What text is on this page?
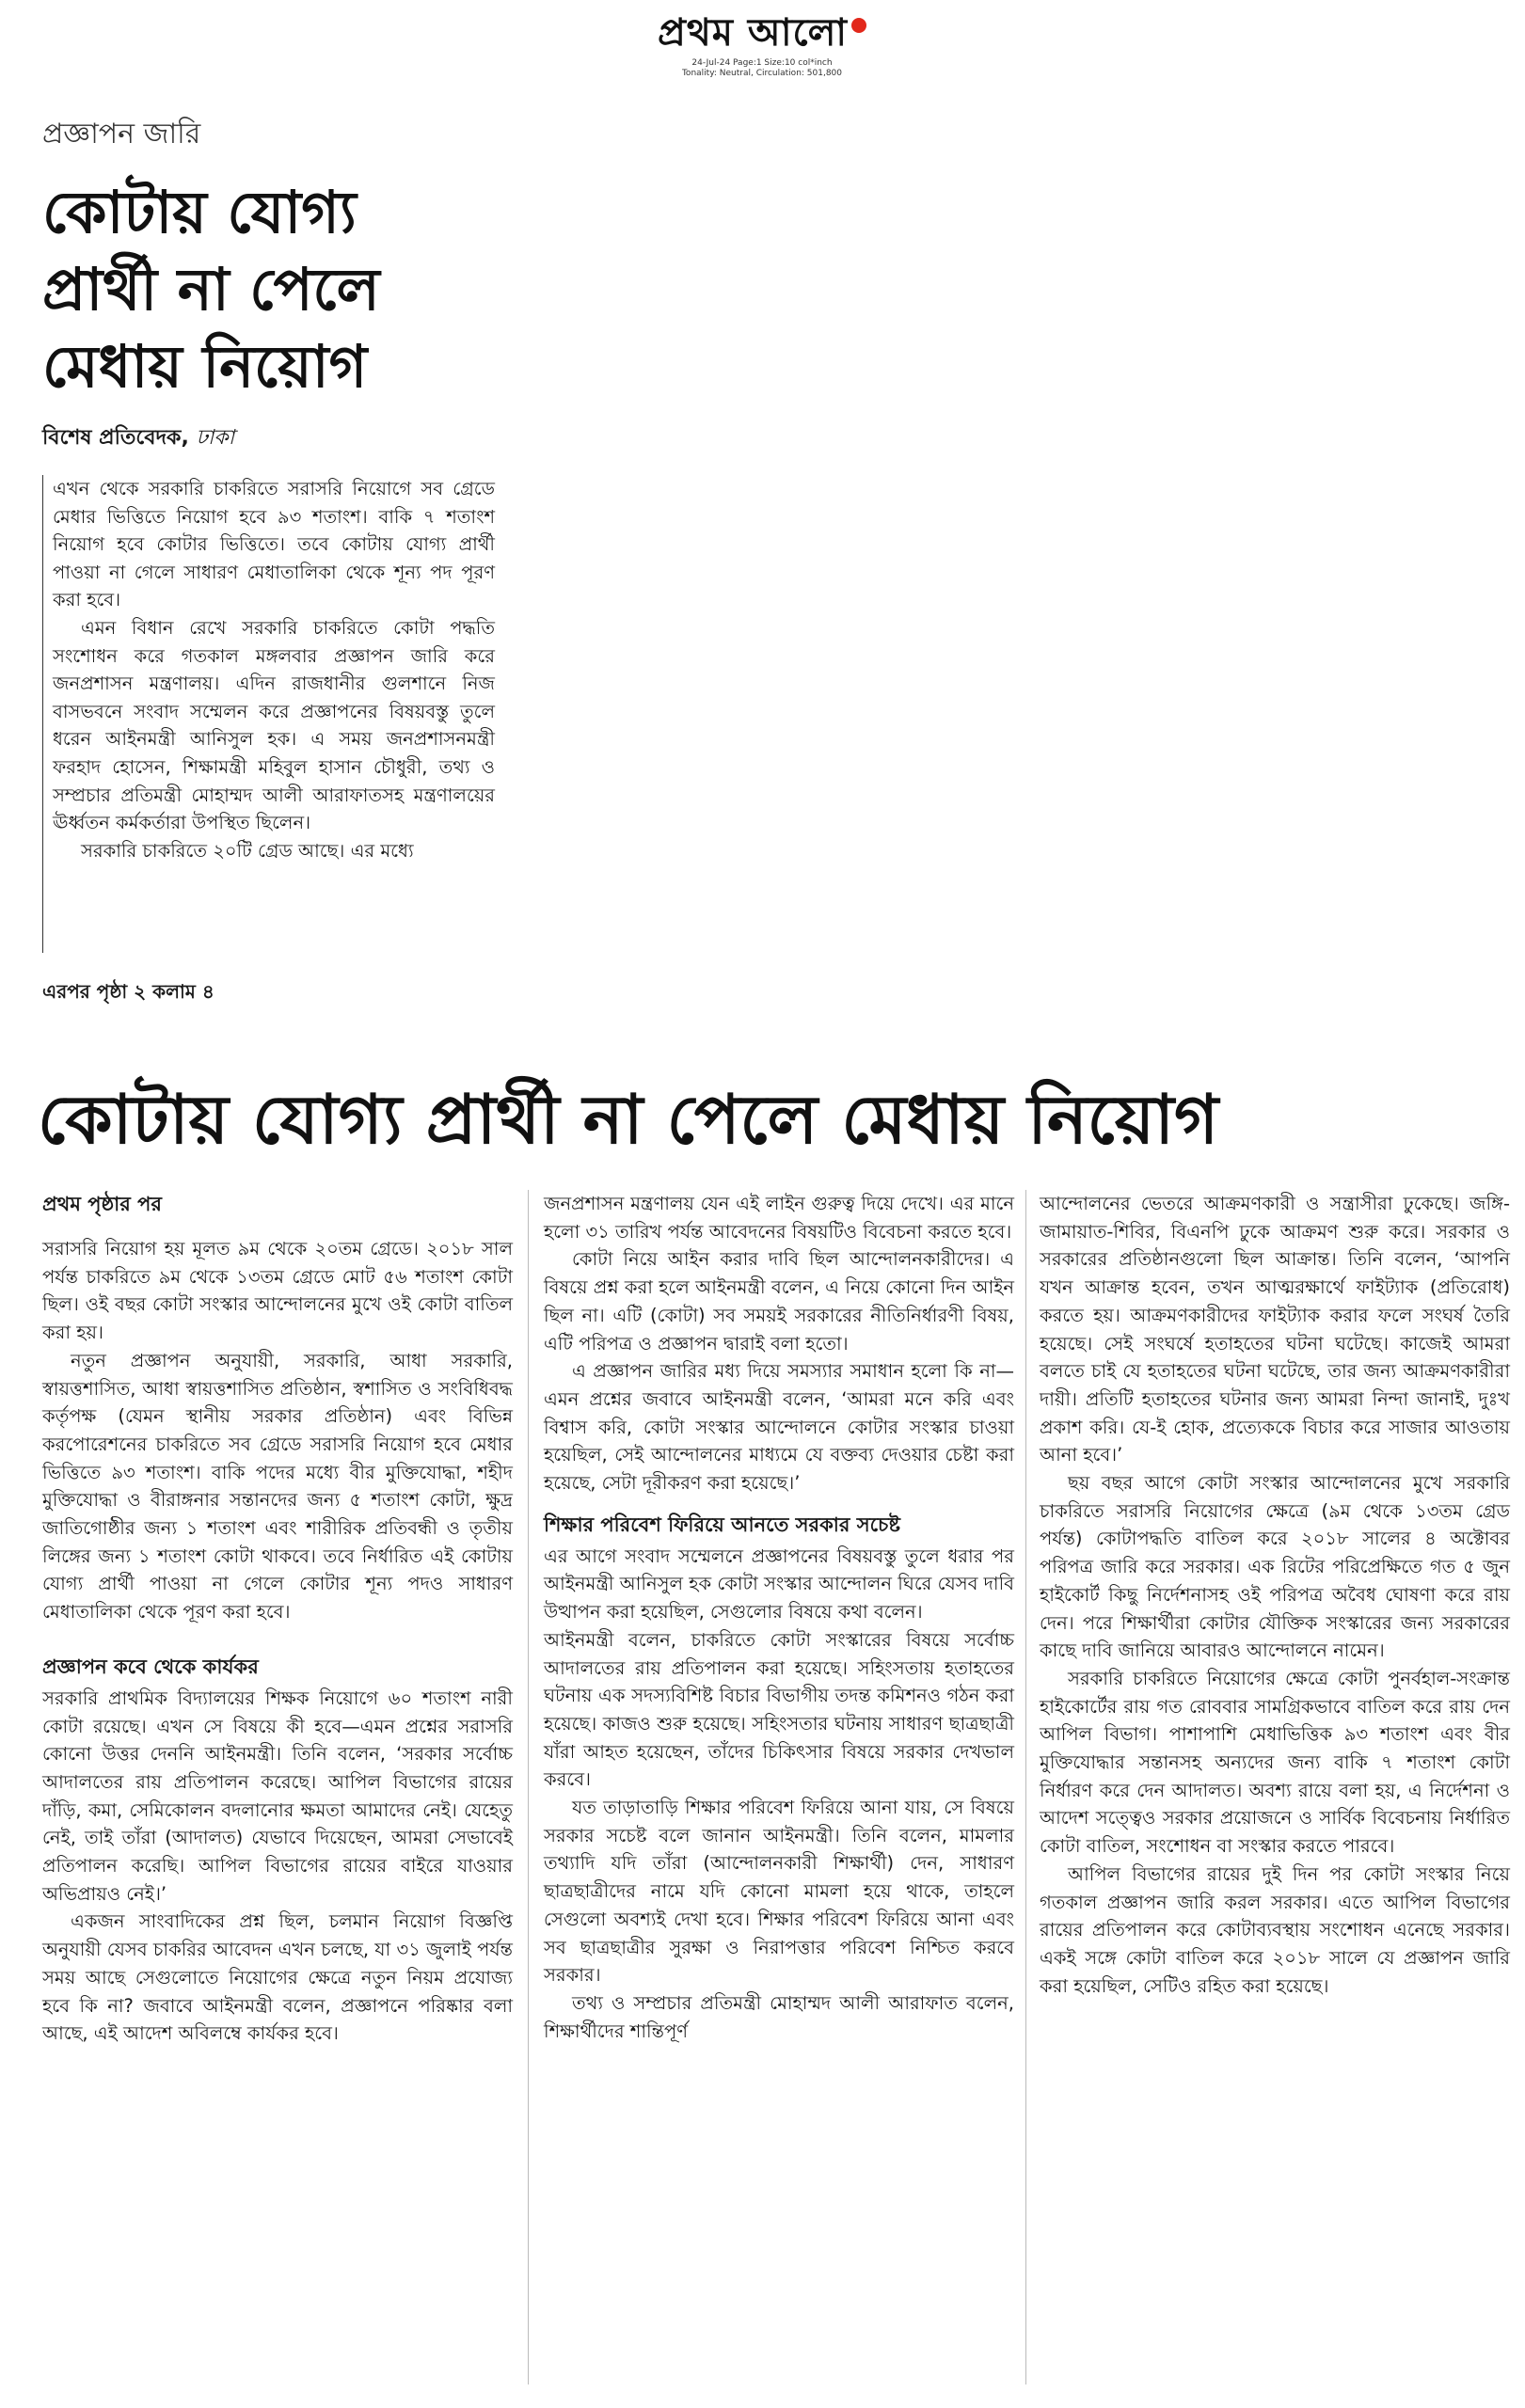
প্রথম আলো
24-Jul-24 Page:1 Size:10 col*inch
Tonality: Neutral, Circulation: 501,800
প্রজ্ঞাপন জারি
কোটায় যোগ্য
প্রার্থী না পেলে
মেধায় নিয়োগ
বিশেষ প্রতিবেদক, ঢাকা

এখন থেকে সরকারি চাকরিতে সরাসরি নিয়োগে সব গ্রেডে মেধার ভিত্তিতে নিয়োগ হবে ৯৩ শতাংশ। বাকি ৭ শতাংশ নিয়োগ হবে কোটার ভিত্তিতে। তবে কোটায় যোগ্য প্রার্থী পাওয়া না গেলে সাধারণ মেধাতালিকা থেকে শূন্য পদ পূরণ করা হবে।

এমন বিধান রেখে সরকারি চাকরিতে কোটা পদ্ধতি সংশোধন করে গতকাল মঙ্গলবার প্রজ্ঞাপন জারি করে জনপ্রশাসন মন্ত্রণালয়। এদিন রাজধানীর গুলশানে নিজ বাসভবনে সংবাদ সম্মেলন করে প্রজ্ঞাপনের বিষয়বস্তু তুলে ধরেন আইনমন্ত্রী আনিসুল হক। এ সময় জনপ্রশাসনমন্ত্রী ফরহাদ হোসেন, শিক্ষামন্ত্রী মহিবুল হাসান চৌধুরী, তথ্য ও সম্প্রচার প্রতিমন্ত্রী মোহাম্মদ আলী আরাফাতসহ মন্ত্রণালয়ের ঊর্ধ্বতন কর্মকর্তারা উপস্থিত ছিলেন।

সরকারি চাকরিতে ২০টি গ্রেড আছে। এর মধ্যে

এরপর পৃষ্ঠা ২ কলাম ৪
কোটায় যোগ্য প্রার্থী না পেলে মেধায় নিয়োগ
প্রথম পৃষ্ঠার পর

সরাসরি নিয়োগ হয় মূলত ৯ম থেকে ২০তম গ্রেডে। ২০১৮ সাল পর্যন্ত চাকরিতে ৯ম থেকে ১৩তম গ্রেডে মোট ৫৬ শতাংশ কোটা ছিল। ওই বছর কোটা সংস্কার আন্দোলনের মুখে ওই কোটা বাতিল করা হয়।

নতুন প্রজ্ঞাপন অনুযায়ী, সরকারি, আধা সরকারি, স্বায়ত্তশাসিত, আধা স্বায়ত্তশাসিত প্রতিষ্ঠান, স্বশাসিত ও সংবিধিবদ্ধ কর্তৃপক্ষ (যেমন স্থানীয় সরকার প্রতিষ্ঠান) এবং বিভিন্ন করপোরেশনের চাকরিতে সব গ্রেডে সরাসরি নিয়োগ হবে মেধার ভিত্তিতে ৯৩ শতাংশ। বাকি পদের মধ্যে বীর মুক্তিযোদ্ধা, শহীদ মুক্তিযোদ্ধা ও বীরাঙ্গনার সন্তানদের জন্য ৫ শতাংশ কোটা, ক্ষুদ্র জাতিগোষ্ঠীর জন্য ১ শতাংশ এবং শারীরিক প্রতিবন্ধী ও তৃতীয় লিঙ্গের জন্য ১ শতাংশ কোটা থাকবে। তবে নির্ধারিত এই কোটায় যোগ্য প্রার্থী পাওয়া না গেলে কোটার শূন্য পদও সাধারণ মেধাতালিকা থেকে পূরণ করা হবে।

প্রজ্ঞাপন কবে থেকে কার্যকর

সরকারি প্রাথমিক বিদ্যালয়ের শিক্ষক নিয়োগে ৬০ শতাংশ নারী কোটা রয়েছে। এখন সে বিষয়ে কী হবে—এমন প্রশ্নের সরাসরি কোনো উত্তর দেননি আইনমন্ত্রী। তিনি বলেন, ‘সরকার সর্বোচ্চ আদালতের রায় প্রতিপালন করেছে। আপিল বিভাগের রায়ের দাঁড়ি, কমা, সেমিকোলন বদলানোর ক্ষমতা আমাদের নেই। যেহেতু নেই, তাই তাঁরা (আদালত) যেভাবে দিয়েছেন, আমরা সেভাবেই প্রতিপালন করেছি। আপিল বিভাগের রায়ের বাইরে যাওয়ার অভিপ্রায়ও নেই।’

একজন সাংবাদিকের প্রশ্ন ছিল, চলমান নিয়োগ বিজ্ঞপ্তি অনুযায়ী যেসব চাকরির আবেদন এখন চলছে, যা ৩১ জুলাই পর্যন্ত সময় আছে সেগুলোতে নিয়োগের ক্ষেত্রে নতুন নিয়ম প্রযোজ্য হবে কি না? জবাবে আইনমন্ত্রী বলেন, প্রজ্ঞাপনে পরিষ্কার বলা আছে, এই আদেশ অবিলম্বে কার্যকর হবে।

জনপ্রশাসন মন্ত্রণালয় যেন এই লাইন গুরুত্ব দিয়ে দেখে। এর মানে হলো ৩১ তারিখ পর্যন্ত আবেদনের বিষয়টিও বিবেচনা করতে হবে।

কোটা নিয়ে আইন করার দাবি ছিল আন্দোলনকারীদের। এ বিষয়ে প্রশ্ন করা হলে আইনমন্ত্রী বলেন, এ নিয়ে কোনো দিন আইন ছিল না। এটি (কোটা) সব সময়ই সরকারের নীতিনির্ধারণী বিষয়, এটি পরিপত্র ও প্রজ্ঞাপন দ্বারাই বলা হতো।

এ প্রজ্ঞাপন জারির মধ্য দিয়ে সমস্যার সমাধান হলো কি না—এমন প্রশ্নের জবাবে আইনমন্ত্রী বলেন, ‘আমরা মনে করি এবং বিশ্বাস করি, কোটা সংস্কার আন্দোলনে কোটার সংস্কার চাওয়া হয়েছিল, সেই আন্দোলনের মাধ্যমে যে বক্তব্য দেওয়ার চেষ্টা করা হয়েছে, সেটা দূরীকরণ করা হয়েছে।’

শিক্ষার পরিবেশ ফিরিয়ে আনতে সরকার সচেষ্ট

এর আগে সংবাদ সম্মেলনে প্রজ্ঞাপনের বিষয়বস্তু তুলে ধরার পর আইনমন্ত্রী আনিসুল হক কোটা সংস্কার আন্দোলন ঘিরে যেসব দাবি উত্থাপন করা হয়েছিল, সেগুলোর বিষয়ে কথা বলেন।

আইনমন্ত্রী বলেন, চাকরিতে কোটা সংস্কারের বিষয়ে সর্বোচ্চ আদালতের রায় প্রতিপালন করা হয়েছে। সহিংসতায় হতাহতের ঘটনায় এক সদস্যবিশিষ্ট বিচার বিভাগীয় তদন্ত কমিশনও গঠন করা হয়েছে। কাজও শুরু হয়েছে। সহিংসতার ঘটনায় সাধারণ ছাত্রছাত্রী যাঁরা আহত হয়েছেন, তাঁদের চিকিৎসার বিষয়ে সরকার দেখভাল করবে।

যত তাড়াতাড়ি শিক্ষার পরিবেশ ফিরিয়ে আনা যায়, সে বিষয়ে সরকার সচেষ্ট বলে জানান আইনমন্ত্রী। তিনি বলেন, মামলার তথ্যাদি যদি তাঁরা (আন্দোলনকারী শিক্ষার্থী) দেন, সাধারণ ছাত্রছাত্রীদের নামে যদি কোনো মামলা হয়ে থাকে, তাহলে সেগুলো অবশ্যই দেখা হবে। শিক্ষার পরিবেশ ফিরিয়ে আনা এবং সব ছাত্রছাত্রীর সুরক্ষা ও নিরাপত্তার পরিবেশ নিশ্চিত করবে সরকার।

তথ্য ও সম্প্রচার প্রতিমন্ত্রী মোহাম্মদ আলী আরাফাত বলেন, শিক্ষার্থীদের শান্তিপূর্ণ

আন্দোলনের ভেতরে আক্রমণকারী ও সন্ত্রাসীরা ঢুকেছে। জঙ্গি-জামায়াত-শিবির, বিএনপি ঢুকে আক্রমণ শুরু করে। সরকার ও সরকারের প্রতিষ্ঠানগুলো ছিল আক্রান্ত। তিনি বলেন, ‘আপনি যখন আক্রান্ত হবেন, তখন আত্মরক্ষার্থে ফাইট্যাক (প্রতিরোধ) করতে হয়। আক্রমণকারীদের ফাইট্যাক করার ফলে সংঘর্ষ তৈরি হয়েছে। সেই সংঘর্ষে হতাহতের ঘটনা ঘটেছে। কাজেই আমরা বলতে চাই যে হতাহতের ঘটনা ঘটেছে, তার জন্য আক্রমণকারীরা দায়ী। প্রতিটি হতাহতের ঘটনার জন্য আমরা নিন্দা জানাই, দুঃখ প্রকাশ করি। যে-ই হোক, প্রত্যেককে বিচার করে সাজার আওতায় আনা হবে।’

ছয় বছর আগে কোটা সংস্কার আন্দোলনের মুখে সরকারি চাকরিতে সরাসরি নিয়োগের ক্ষেত্রে (৯ম থেকে ১৩তম গ্রেড পর্যন্ত) কোটাপদ্ধতি বাতিল করে ২০১৮ সালের ৪ অক্টোবর পরিপত্র জারি করে সরকার। এক রিটের পরিপ্রেক্ষিতে গত ৫ জুন হাইকোর্ট কিছু নির্দেশনাসহ ওই পরিপত্র অবৈধ ঘোষণা করে রায় দেন। পরে শিক্ষার্থীরা কোটার যৌক্তিক সংস্কারের জন্য সরকারের কাছে দাবি জানিয়ে আবারও আন্দোলনে নামেন।

সরকারি চাকরিতে নিয়োগের ক্ষেত্রে কোটা পুনর্বহাল-সংক্রান্ত হাইকোর্টের রায় গত রোববার সামগ্রিকভাবে বাতিল করে রায় দেন আপিল বিভাগ। পাশাপাশি মেধাভিত্তিক ৯৩ শতাংশ এবং বীর মুক্তিযোদ্ধার সন্তানসহ অন্যদের জন্য বাকি ৭ শতাংশ কোটা নির্ধারণ করে দেন আদালত। অবশ্য রায়ে বলা হয়, এ নির্দেশনা ও আদেশ সত্ত্বেও সরকার প্রয়োজনে ও সার্বিক বিবেচনায় নির্ধারিত কোটা বাতিল, সংশোধন বা সংস্কার করতে পারবে।

আপিল বিভাগের রায়ের দুই দিন পর কোটা সংস্কার নিয়ে গতকাল প্রজ্ঞাপন জারি করল সরকার। এতে আপিল বিভাগের রায়ের প্রতিপালন করে কোটাব্যবস্থায় সংশোধন এনেছে সরকার। একই সঙ্গে কোটা বাতিল করে ২০১৮ সালে যে প্রজ্ঞাপন জারি করা হয়েছিল, সেটিও রহিত করা হয়েছে।
